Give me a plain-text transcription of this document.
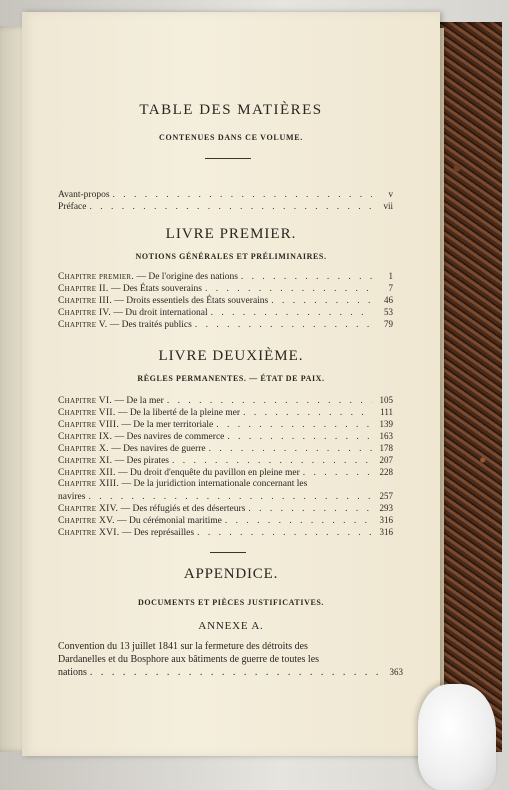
TABLE DES MATIÈRES
CONTENUES DANS CE VOLUME.
Avant-propos . . .	v
Préface . . .	vii
LIVRE PREMIER.
NOTIONS GÉNÉRALES ET PRÉLIMINAIRES.
Chapitre premier. — De l'origine des nations . . .	1
Chapitre II. — Des États souverains . . .	7
Chapitre III. — Droits essentiels des États souverains . . .	46
Chapitre IV. — Du droit international . . .	53
Chapitre V. — Des traités publics . . .	79
LIVRE DEUXIÈME.
RÈGLES PERMANENTES. — ÉTAT DE PAIX.
Chapitre VI. — De la mer . . .	105
Chapitre VII. — De la liberté de la pleine mer . . .	111
Chapitre VIII. — De la mer territoriale . . .	139
Chapitre IX. — Des navires de commerce . . .	163
Chapitre X. — Des navires de guerre . . .	178
Chapitre XI. — Des pirates . . .	207
Chapitre XII. — Du droit d'enquête du pavillon en pleine mer . . .	228
Chapitre XIII. — De la juridiction internationale concernant les
navires . . .	257
Chapitre XIV. — Des réfugiés et des déserteurs . . .	293
Chapitre XV. — Du cérémonial maritime . . .	316
Chapitre XVI. — Des représailles . . .	316
APPENDICE.
DOCUMENTS ET PIÈCES JUSTIFICATIVES.
ANNEXE A.
Convention du 13 juillet 1841 sur la fermeture des détroits des
Dardanelles et du Bosphore aux bâtiments de guerre de toutes les
nations . . .	363
